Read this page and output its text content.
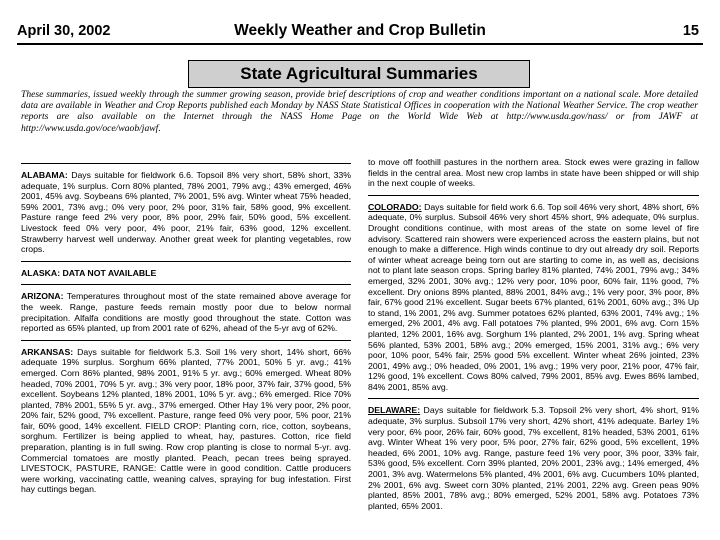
April 30, 2002	Weekly Weather and Crop Bulletin	15
State Agricultural Summaries
These summaries, issued weekly through the summer growing season, provide brief descriptions of crop and weather conditions important on a national scale. More detailed data are available in Weather and Crop Reports published each Monday by NASS State Statistical Offices in cooperation with the National Weather Service. The crop weather reports are also available on the Internet through the NASS Home Page on the World Wide Web at http://www.usda.gov/nass/ or from JAWF at http://www.usda.gov/oce/waob/jawf.

ALABAMA: Days suitable for fieldwork 6.6. Topsoil 8% very short, 58% short, 33% adequate, 1% surplus. Corn 80% planted, 78% 2001, 79% avg.; 43% emerged, 46% 2001, 45% avg. Soybeans 6% planted, 7% 2001, 5% avg. Winter wheat 75% headed, 59% 2001, 73% avg.; 0% very poor, 2% poor, 31% fair, 58% good, 9% excellent. Pasture range feed 2% very poor, 8% poor, 29% fair, 50% good, 5% excellent. Livestock feed 0% very poor, 4% poor, 21% fair, 63% good, 12% excellent. Strawberry harvest well underway. Another great week for planting vegetables, row crops.

ALASKA: DATA NOT AVAILABLE

ARIZONA: Temperatures throughout most of the state remained above average for the week. Range, pasture feeds remain mostly poor due to below normal precipitation. Alfalfa conditions are mostly good throughout the state. Cotton was reported as 65% planted, up from 2001 rate of 62%, ahead of the 5-yr avg of 62%.

ARKANSAS: Days suitable for fieldwork 5.3. Soil 1% very short, 14% short, 66% adequate 19% surplus. Sorghum 66% planted, 77% 2001, 50% 5 yr. avg.; 41% emerged. Corn 86% planted, 98% 2001, 91% 5 yr. avg.; 60% emerged. Wheat 80% headed, 70% 2001, 70% 5 yr. avg.; 3% very poor, 18% poor, 37% fair, 37% good, 5% excellent. Soybeans 12% planted, 18% 2001, 10% 5 yr. avg.; 6% emerged. Rice 70% planted, 78% 2001, 55% 5 yr. avg., 37% emerged. Other Hay 1% very poor, 2% poor, 20% fair, 52% good, 7% excellent. Pasture, range feed 0% very poor, 5% poor, 21% fair, 60% good, 14% excellent. FIELD CROP: Planting corn, rice, cotton, soybeans, sorghum. Fertilizer is being applied to wheat, hay, pastures. Cotton, rice field preparation, planting is in full swing. Row crop planting is close to normal 5-yr. avg. Commercial tomatoes are mostly planted. Peach, pecan trees being sprayed. LIVESTOCK, PASTURE, RANGE: Cattle were in good condition. Cattle producers were working, vaccinating cattle, weaning calves, spraying for bug infestation. First hay cuttings began.

to move off foothill pastures in the northern area. Stock ewes were grazing in fallow fields in the central area. Most new crop lambs in state have been shipped or will ship in the next couple of weeks.

COLORADO: Days suitable for field work 6.6. Top soil 46% very short, 48% short, 6% adequate, 0% surplus. Subsoil 46% very short 45% short, 9% adequate, 0% surplus. Drought conditions continue, with most areas of the state on some level of fire advisory. Scattered rain showers were experienced across the eastern plains, but not enough to make a difference. High winds continue to dry out already dry soil. Reports of winter wheat acreage being torn out are starting to come in, as well as, decisions not to plant late season crops. Spring barley 81% planted, 74% 2001, 79% avg.; 34% emerged, 32% 2001, 30% avg.; 12% very poor, 10% poor, 60% fair, 11% good, 7% excellent. Dry onions 89% planted, 88% 2001, 84% avg.; 1% very poor, 3% poor, 8% fair, 67% good 21% excellent. Sugar beets 67% planted, 61% 2001, 60% avg.; 3% Up to stand, 1% 2001, 2% avg. Summer potatoes 62% planted, 63% 2001, 74% avg.; 1% emerged, 2% 2001, 4% avg. Fall potatoes 7% planted, 9% 2001, 6% avg. Corn 15% planted, 12% 2001, 16% avg. Sorghum 1% planted, 2% 2001, 1% avg. Spring wheat 56% planted, 53% 2001, 58% avg.; 20% emerged, 15% 2001, 31% avg.; 6% very poor, 10% poor, 54% fair, 25% good 5% excellent. Winter wheat 26% jointed, 23% 2001, 49% avg.; 0% headed, 0% 2001, 1% avg.; 19% very poor, 21% poor, 47% fair, 12% good, 1% excellent. Cows 80% calved, 79% 2001, 85% avg. Ewes 86% lambed, 84% 2001, 85% avg.

DELAWARE: Days suitable for fieldwork 5.3. Topsoil 2% very short, 4% short, 91% adequate, 3% surplus. Subsoil 17% very short, 42% short, 41% adequate. Barley 1% very poor, 6% poor, 26% fair, 60% good, 7% excellent, 81% headed, 53% 2001, 61% avg. Winter Wheat 1% very poor, 5% poor, 27% fair, 62% good, 5% excellent, 19% headed, 6% 2001, 10% avg. Range, pasture feed 1% very poor, 3% poor, 33% fair, 53% good, 5% excellent. Corn 39% planted, 20% 2001, 23% avg.; 14% emerged, 4% 2001, 3% avg. Watermelons 5% planted, 4% 2001, 6% avg. Cucumbers 10% planted, 2% 2001, 6% avg. Sweet corn 30% planted, 21% 2001, 22% avg. Green peas 90% planted, 85% 2001, 78% avg.; 80% emerged, 52% 2001, 58% avg. Potatoes 73% planted, 65% 2001.
